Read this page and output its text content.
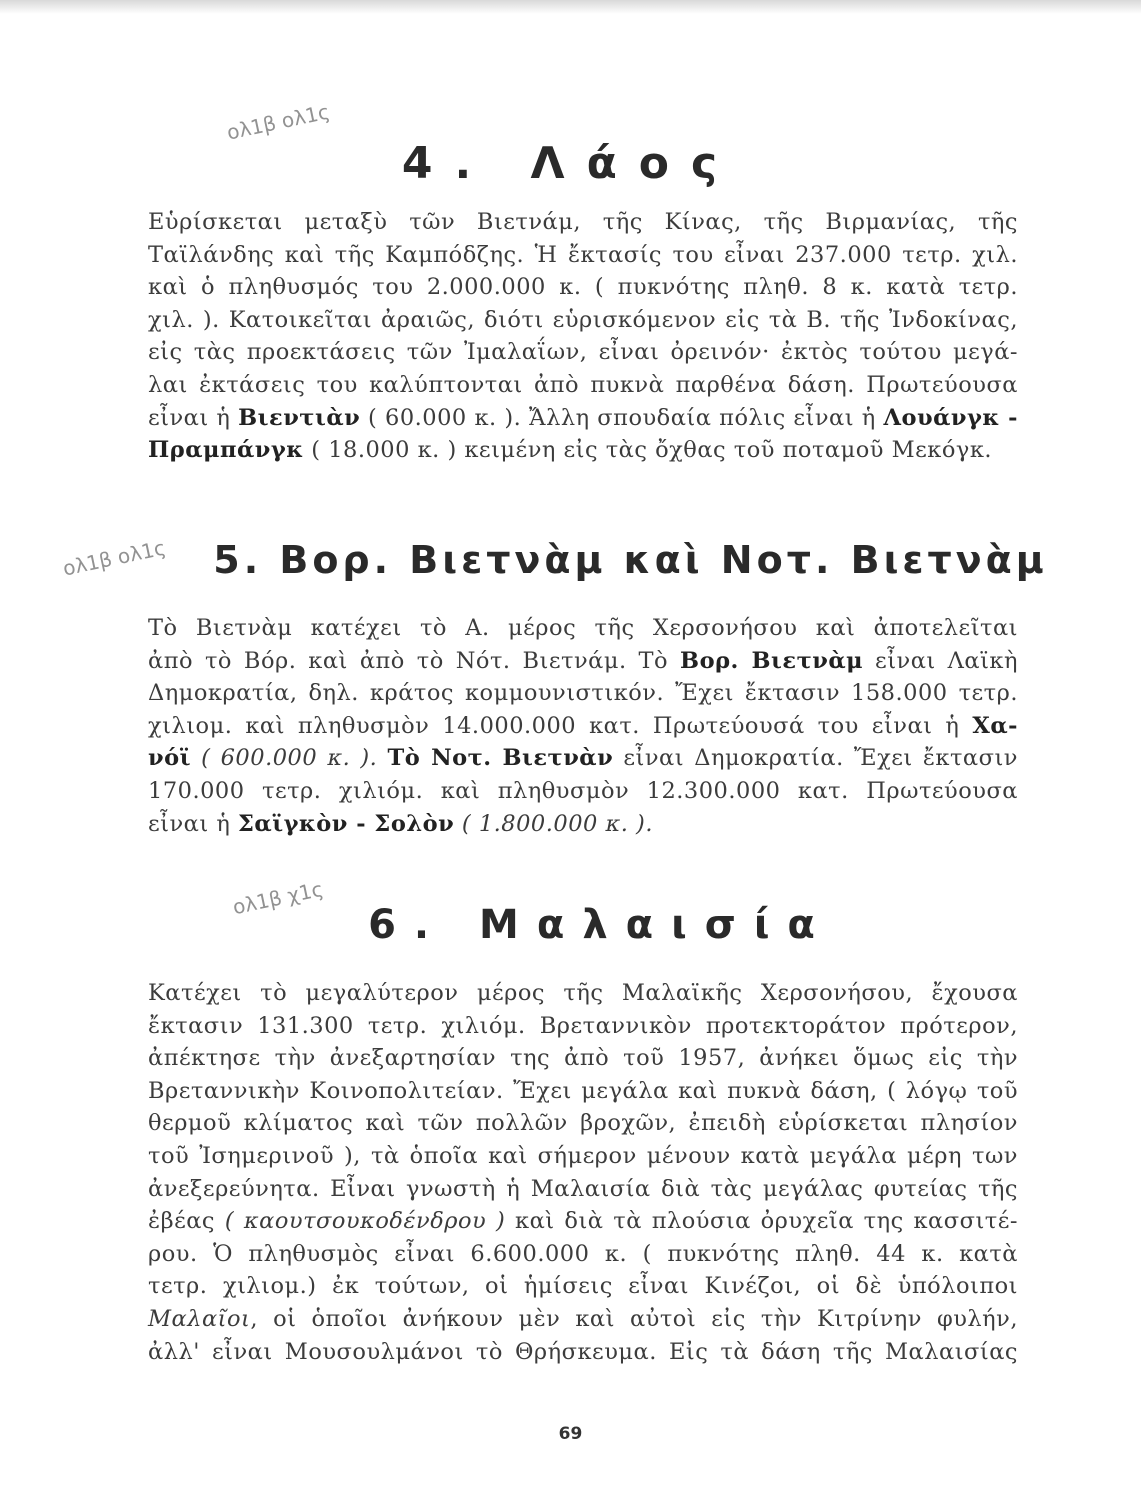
ολ1β ολ1ς
ολ1β ολ1ς
ολ1β χ1ς
4. Λάος
Εὑρίσκεται μεταξὺ τῶν Βιετνάμ, τῆς Κίνας, τῆς Βιρμανίας, τῆς
Ταϊλάνδης καὶ τῆς Καμπόδζης. Ἡ ἔκτασίς του εἶναι 237.000 τετρ. χιλ.
καὶ ὁ πληθυσμός του 2.000.000 κ. ( πυκνότης πληθ. 8 κ. κατὰ τετρ.
χιλ. ). Κατοικεῖται ἀραιῶς, διότι εὑρισκόμενον εἰς τὰ Β. τῆς Ἰνδοκίνας,
εἰς τὰς προεκτάσεις τῶν Ἰμαλαΐων, εἶναι ὀρεινόν· ἐκτὸς τούτου μεγά-
λαι ἐκτάσεις του καλύπτονται ἀπὸ πυκνὰ παρθένα δάση. Πρωτεύουσα
εἶναι ἡ Βιεντιὰν ( 60.000 κ. ). Ἄλλη σπουδαία πόλις εἶναι ἡ Λουάνγκ -
Πραμπάνγκ ( 18.000 κ. ) κειμένη εἰς τὰς ὄχθας τοῦ ποταμοῦ Μεκόγκ.
5. Βορ. Βιετνὰμ καὶ Νοτ. Βιετνὰμ
Τὸ Βιετνὰμ κατέχει τὸ Α. μέρος τῆς Χερσονήσου καὶ ἀποτελεῖται
ἀπὸ τὸ Βόρ. καὶ ἀπὸ τὸ Νότ. Βιετνάμ. Τὸ Βορ. Βιετνὰμ εἶναι Λαϊκὴ
Δημοκρατία, δηλ. κράτος κομμουνιστικόν. Ἔχει ἔκτασιν 158.000 τετρ.
χιλιομ. καὶ πληθυσμὸν 14.000.000 κατ. Πρωτεύουσά του εἶναι ἡ Χα-
νόϊ ( 600.000 κ. ). Τὸ Νοτ. Βιετνὰν εἶναι Δημοκρατία. Ἔχει ἔκτασιν
170.000 τετρ. χιλιόμ. καὶ πληθυσμὸν 12.300.000 κατ. Πρωτεύουσα
εἶναι ἡ Σαϊγκὸν - Σολὸν ( 1.800.000 κ. ).
6. Μαλαισία
Κατέχει τὸ μεγαλύτερον μέρος τῆς Μαλαϊκῆς Χερσονήσου, ἔχουσα
ἔκτασιν 131.300 τετρ. χιλιόμ. Βρεταννικὸν προτεκτοράτον πρότερον,
ἀπέκτησε τὴν ἀνεξαρτησίαν της ἀπὸ τοῦ 1957, ἀνήκει ὅμως εἰς τὴν
Βρεταννικὴν Κοινοπολιτείαν. Ἔχει μεγάλα καὶ πυκνὰ δάση, ( λόγῳ τοῦ
θερμοῦ κλίματος καὶ τῶν πολλῶν βροχῶν, ἐπειδὴ εὑρίσκεται πλησίον
τοῦ Ἰσημερινοῦ ), τὰ ὁποῖα καὶ σήμερον μένουν κατὰ μεγάλα μέρη των
ἀνεξερεύνητα. Εἶναι γνωστὴ ἡ Μαλαισία διὰ τὰς μεγάλας φυτείας τῆς
ἐβέας ( καουτσουκοδένδρου ) καὶ διὰ τὰ πλούσια ὀρυχεῖα της κασσιτέ-
ρου. Ὁ πληθυσμὸς εἶναι 6.600.000 κ. ( πυκνότης πληθ. 44 κ. κατὰ
τετρ. χιλιομ.) ἐκ τούτων, οἱ ἡμίσεις εἶναι Κινέζοι, οἱ δὲ ὑπόλοιποι
Μαλαῖοι, οἱ ὁποῖοι ἀνήκουν μὲν καὶ αὐτοὶ εἰς τὴν Κιτρίνην φυλήν,
ἀλλ' εἶναι Μουσουλμάνοι τὸ Θρήσκευμα. Εἰς τὰ δάση τῆς Μαλαισίας
69
